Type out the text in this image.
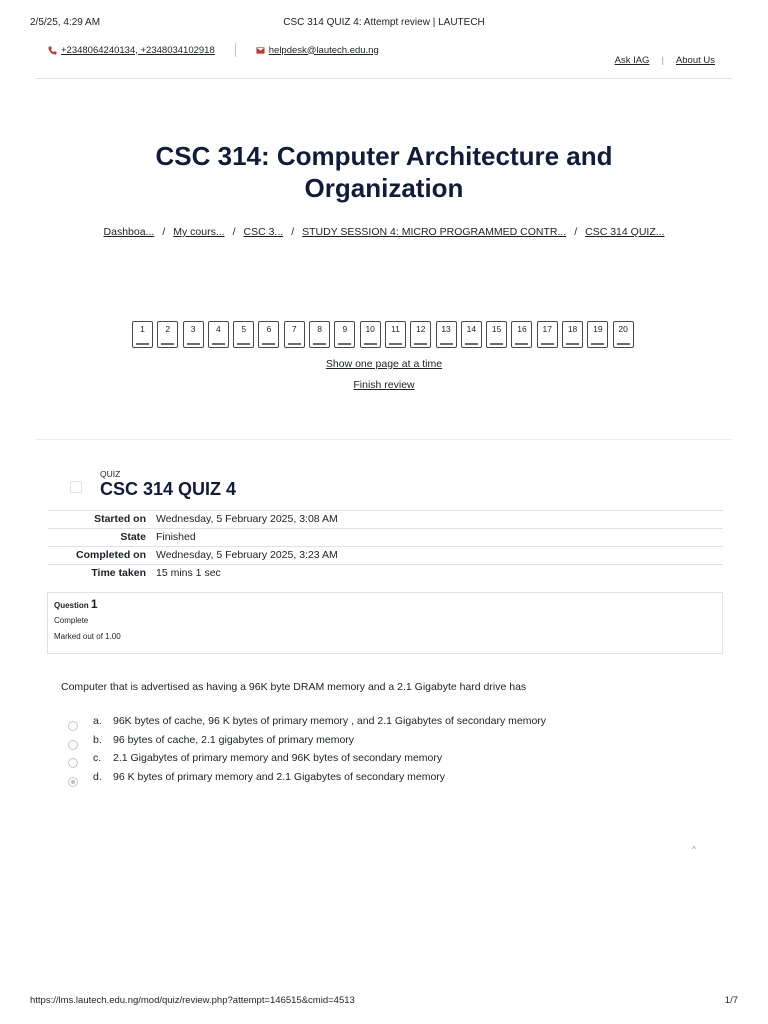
2/5/25, 4:29 AM	CSC 314 QUIZ 4: Attempt review | LAUTECH
+2348064240134, +2348034102918	helpdesk@lautech.edu.ng
Ask IAG | About Us
CSC 314: Computer Architecture and Organization
Dashboa... / My cours... / CSC 3... / STUDY SESSION 4: MICRO PROGRAMMED CONTR... / CSC 314 QUIZ...
1	2	3	4	5	6	7	8	9	10	11	12	13	14	15	16	17	18	19	20
Show one page at a time
Finish review
QUIZ
CSC 314 QUIZ 4
Started on	Wednesday, 5 February 2025, 3:08 AM
State	Finished
Completed on	Wednesday, 5 February 2025, 3:23 AM
Time taken	15 mins 1 sec
Question 1
Complete
Marked out of 1.00
Computer that is advertised as having a 96K byte DRAM memory and a 2.1 Gigabyte hard drive has
a. 96K bytes of cache, 96 K bytes of primary memory , and 2.1 Gigabytes of secondary memory
b. 96 bytes of cache, 2.1 gigabytes of primary memory
c. 2.1 Gigabytes of primary memory and 96K bytes of secondary memory
d. 96 K bytes of primary memory and 2.1 Gigabytes of secondary memory
^
https://lms.lautech.edu.ng/mod/quiz/review.php?attempt=146515&cmid=4513	1/7
